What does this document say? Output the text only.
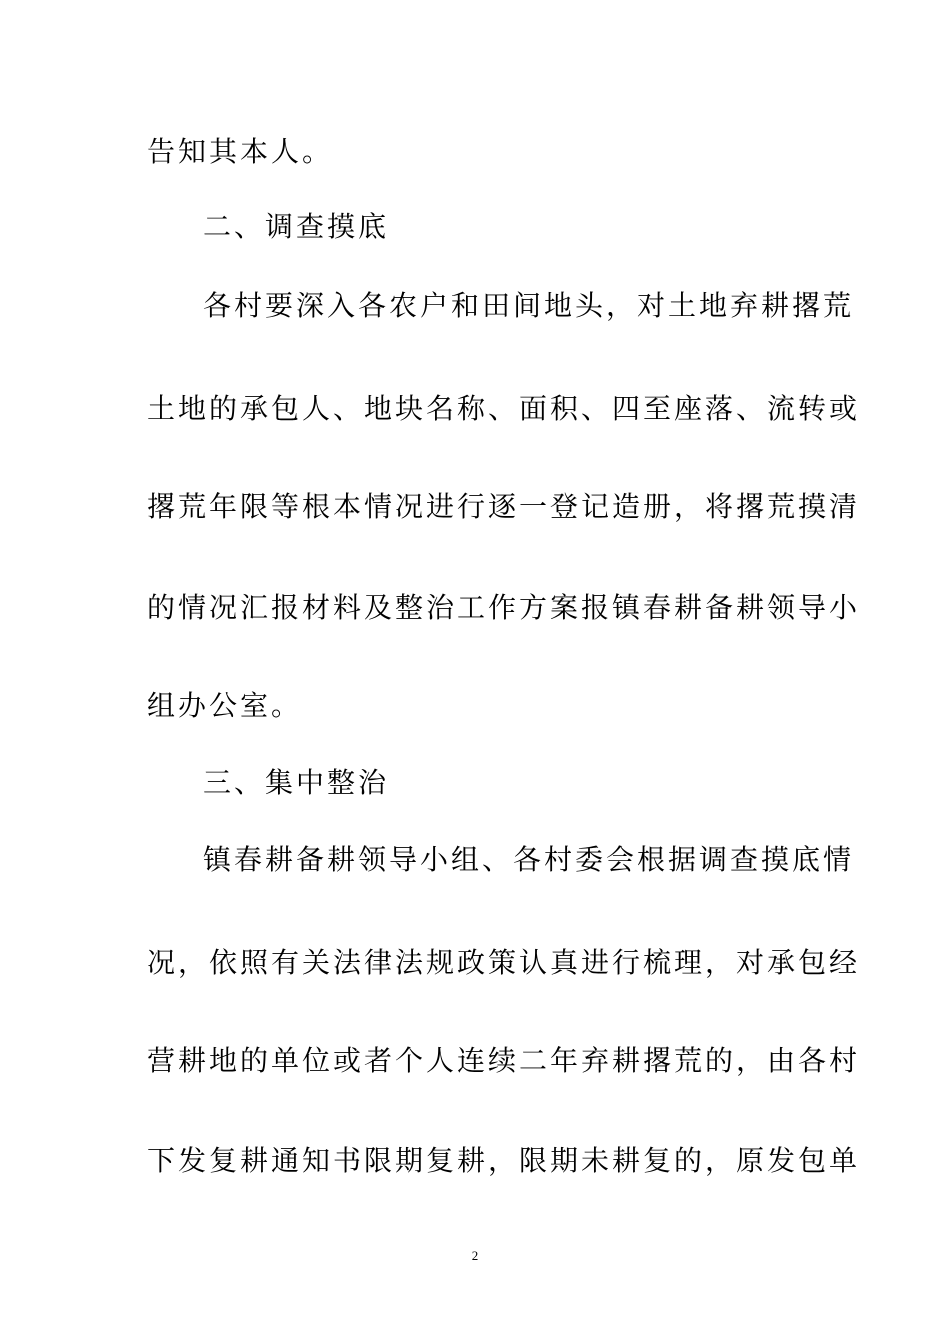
告知其本人。
二、调查摸底
各村要深入各农户和田间地头，对土地弃耕撂荒
土地的承包人、地块名称、面积、四至座落、流转或
撂荒年限等根本情况进行逐一登记造册，将撂荒摸清
的情况汇报材料及整治工作方案报镇春耕备耕领导小
组办公室。
三、集中整治
镇春耕备耕领导小组、各村委会根据调查摸底情
况，依照有关法律法规政策认真进行梳理，对承包经
营耕地的单位或者个人连续二年弃耕撂荒的，由各村
下发复耕通知书限期复耕，限期未耕复的，原发包单
2
